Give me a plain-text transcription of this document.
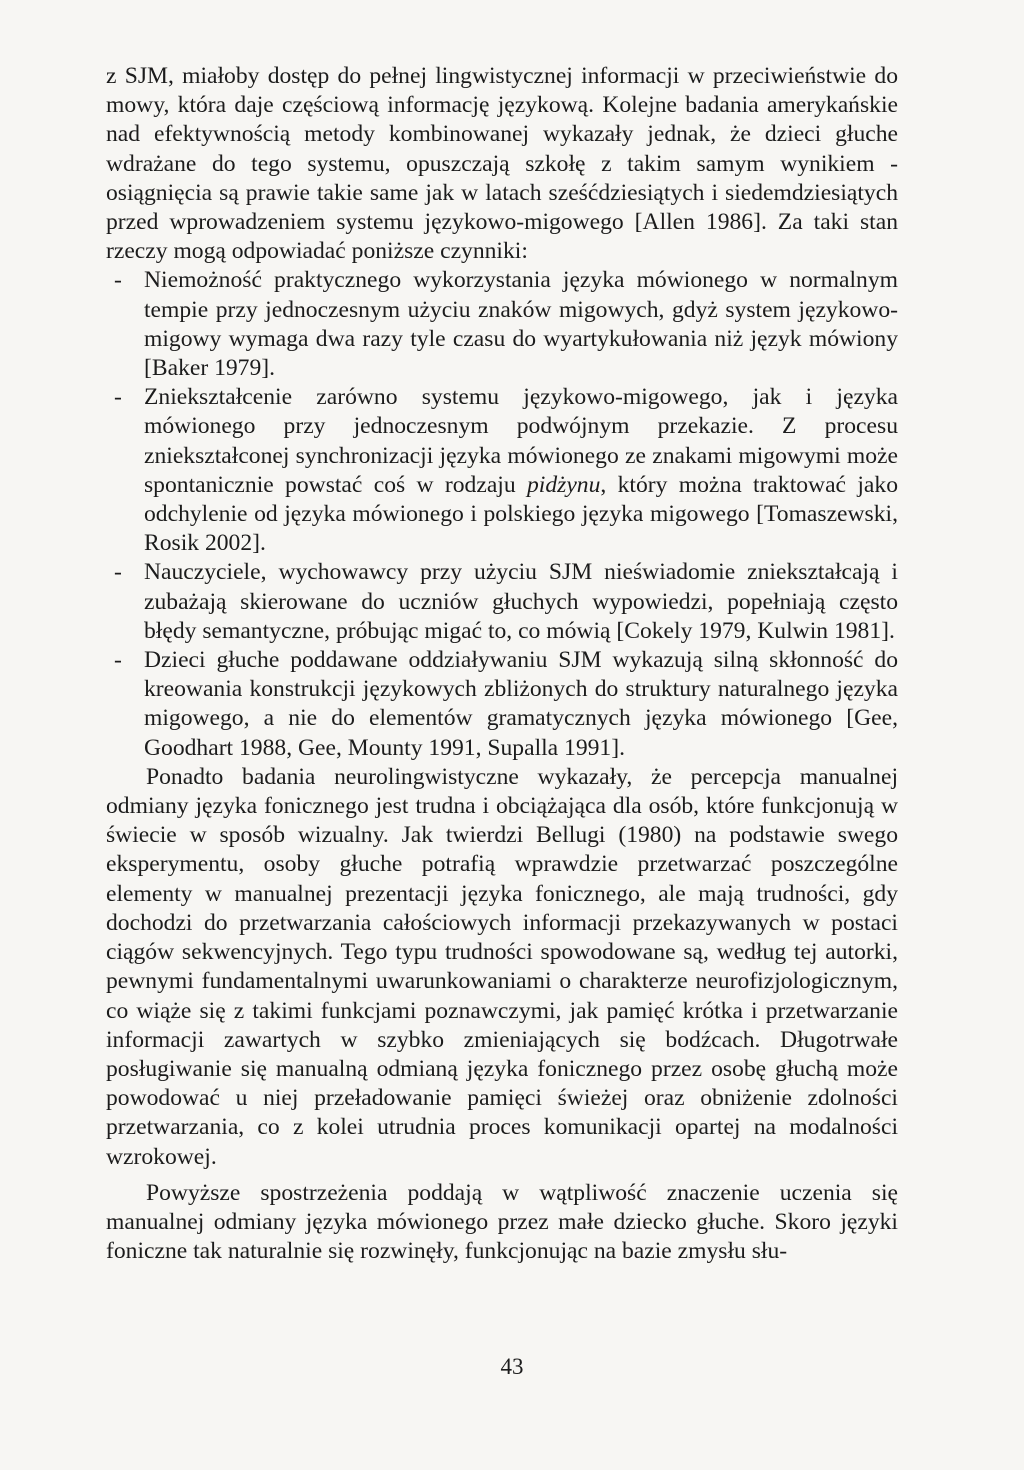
z SJM, miałoby dostęp do pełnej lingwistycznej informacji w przeciwieństwie do mowy, która daje częściową informację językową. Kolejne badania amerykańskie nad efektywnością metody kombinowanej wykazały jednak, że dzieci głuche wdrażane do tego systemu, opuszczają szkołę z takim samym wynikiem - osiągnięcia są prawie takie same jak w latach sześćdziesiątych i siedemdziesiątych przed wprowadzeniem systemu językowo-migowego [Allen 1986]. Za taki stan rzeczy mogą odpowiadać poniższe czynniki:

- Niemożność praktycznego wykorzystania języka mówionego w normalnym tempie przy jednoczesnym użyciu znaków migowych, gdyż system językowo-migowy wymaga dwa razy tyle czasu do wyartykułowania niż język mówiony [Baker 1979].
- Zniekształcenie zarówno systemu językowo-migowego, jak i języka mówionego przy jednoczesnym podwójnym przekazie. Z procesu zniekształconej synchronizacji języka mówionego ze znakami migowymi może spontanicznie powstać coś w rodzaju pidżynu, który można traktować jako odchylenie od języka mówionego i polskiego języka migowego [Tomaszewski, Rosik 2002].
- Nauczyciele, wychowawcy przy użyciu SJM nieświadomie zniekształcają i zubażają skierowane do uczniów głuchych wypowiedzi, popełniają często błędy semantyczne, próbując migać to, co mówią [Cokely 1979, Kulwin 1981].
- Dzieci głuche poddawane oddziaływaniu SJM wykazują silną skłonność do kreowania konstrukcji językowych zbliżonych do struktury naturalnego języka migowego, a nie do elementów gramatycznych języka mówionego [Gee, Goodhart 1988, Gee, Mounty 1991, Supalla 1991].

Ponadto badania neurolingwistyczne wykazały, że percepcja manualnej odmiany języka fonicznego jest trudna i obciążająca dla osób, które funkcjonują w świecie w sposób wizualny. Jak twierdzi Bellugi (1980) na podstawie swego eksperymentu, osoby głuche potrafią wprawdzie przetwarzać poszczególne elementy w manualnej prezentacji języka fonicznego, ale mają trudności, gdy dochodzi do przetwarzania całościowych informacji przekazywanych w postaci ciągów sekwencyjnych. Tego typu trudności spowodowane są, według tej autorki, pewnymi fundamentalnymi uwarunkowaniami o charakterze neurofizjologicznym, co wiąże się z takimi funkcjami poznawczymi, jak pamięć krótka i przetwarzanie informacji zawartych w szybko zmieniających się bodźcach. Długotrwałe posługiwanie się manualną odmianą języka fonicznego przez osobę głuchą może powodować u niej przeładowanie pamięci świeżej oraz obniżenie zdolności przetwarzania, co z kolei utrudnia proces komunikacji opartej na modalności wzrokowej.

Powyższe spostrzeżenia poddają w wątpliwość znaczenie uczenia się manualnej odmiany języka mówionego przez małe dziecko głuche. Skoro języki foniczne tak naturalnie się rozwinęły, funkcjonując na bazie zmysłu słu-

43
